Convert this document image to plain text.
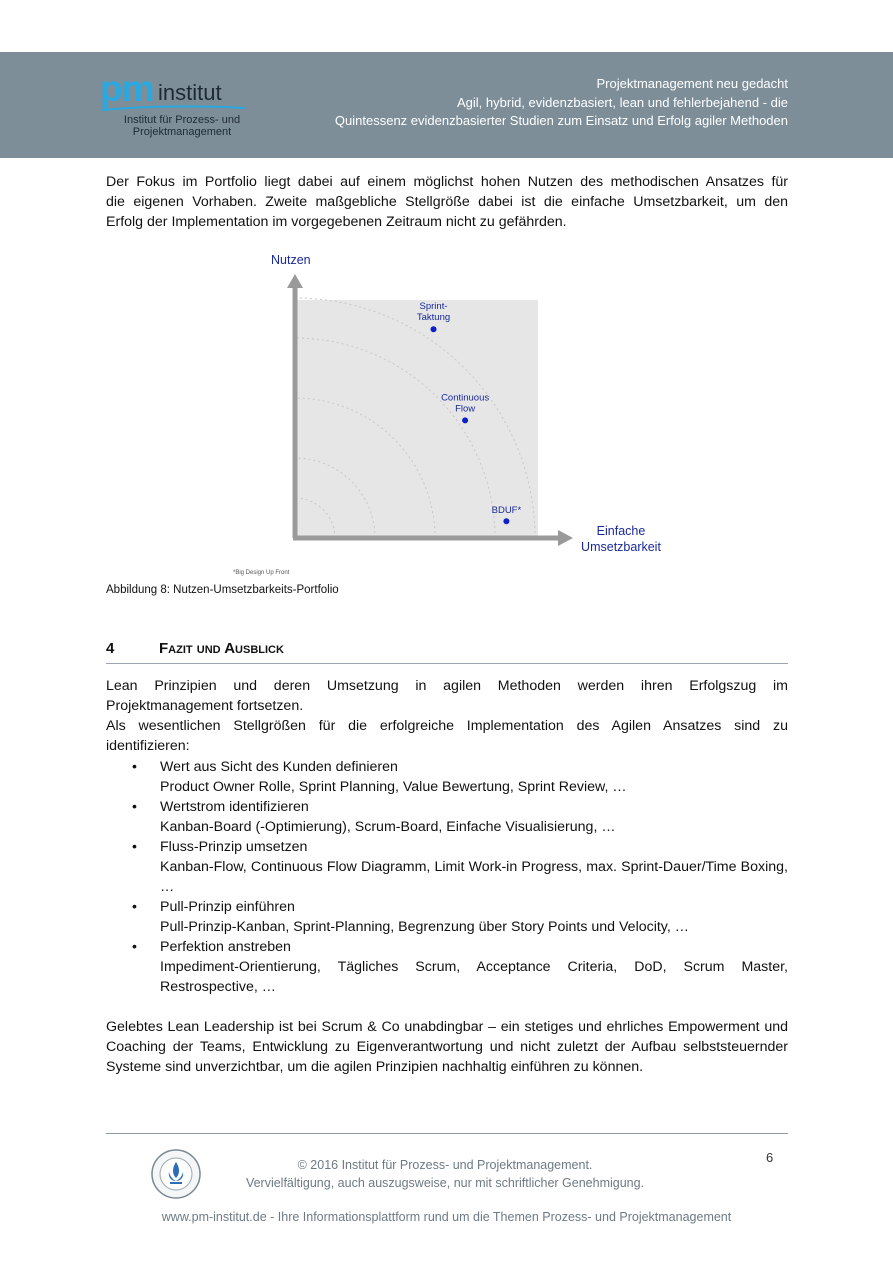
pm institut
Institut für Prozess- und
Projektmanagement
Projektmanagement neu gedacht
Agil, hybrid, evidenzbasiert, lean und fehlerbejahend - die
Quintessenz evidenzbasierter Studien zum Einsatz und Erfolg agiler Methoden
Der Fokus im Portfolio liegt dabei auf einem möglichst hohen Nutzen des methodischen Ansatzes für
die eigenen Vorhaben. Zweite maßgebliche Stellgröße dabei ist die einfache Umsetzbarkeit, um den
Erfolg der Implementation im vorgegebenen Zeitraum nicht zu gefährden.
Nutzen
Einfache
Umsetzbarkeit
Sprint-
Taktung
Continuous
Flow
BDUF*
*Big Design Up Front
Abbildung 8: Nutzen-Umsetzbarkeits-Portfolio
4	Fazit und Ausblick
Lean Prinzipien und deren Umsetzung in agilen Methoden werden ihren Erfolgszug im
Projektmanagement fortsetzen.
Als wesentlichen Stellgrößen für die erfolgreiche Implementation des Agilen Ansatzes sind zu
identifizieren:
• Wert aus Sicht des Kunden definieren
Product Owner Rolle, Sprint Planning, Value Bewertung, Sprint Review, …
• Wertstrom identifizieren
Kanban-Board (-Optimierung), Scrum-Board, Einfache Visualisierung, …
• Fluss-Prinzip umsetzen
Kanban-Flow, Continuous Flow Diagramm, Limit Work-in Progress, max. Sprint-Dauer/Time Boxing, …
• Pull-Prinzip einführen
Pull-Prinzip-Kanban, Sprint-Planning, Begrenzung über Story Points und Velocity, …
• Perfektion anstreben
Impediment-Orientierung, Tägliches Scrum, Acceptance Criteria, DoD, Scrum Master, Restrospective, …
Gelebtes Lean Leadership ist bei Scrum & Co unabdingbar – ein stetiges und ehrliches Empowerment und Coaching der Teams, Entwicklung zu Eigenverantwortung und nicht zuletzt der Aufbau selbststeuernder Systeme sind unverzichtbar, um die agilen Prinzipien nachhaltig einführen zu können.
© 2016 Institut für Prozess- und Projektmanagement.
Vervielfältigung, auch auszugsweise, nur mit schriftlicher Genehmigung.
6
www.pm-institut.de - Ihre Informationsplattform rund um die Themen Prozess- und Projektmanagement
